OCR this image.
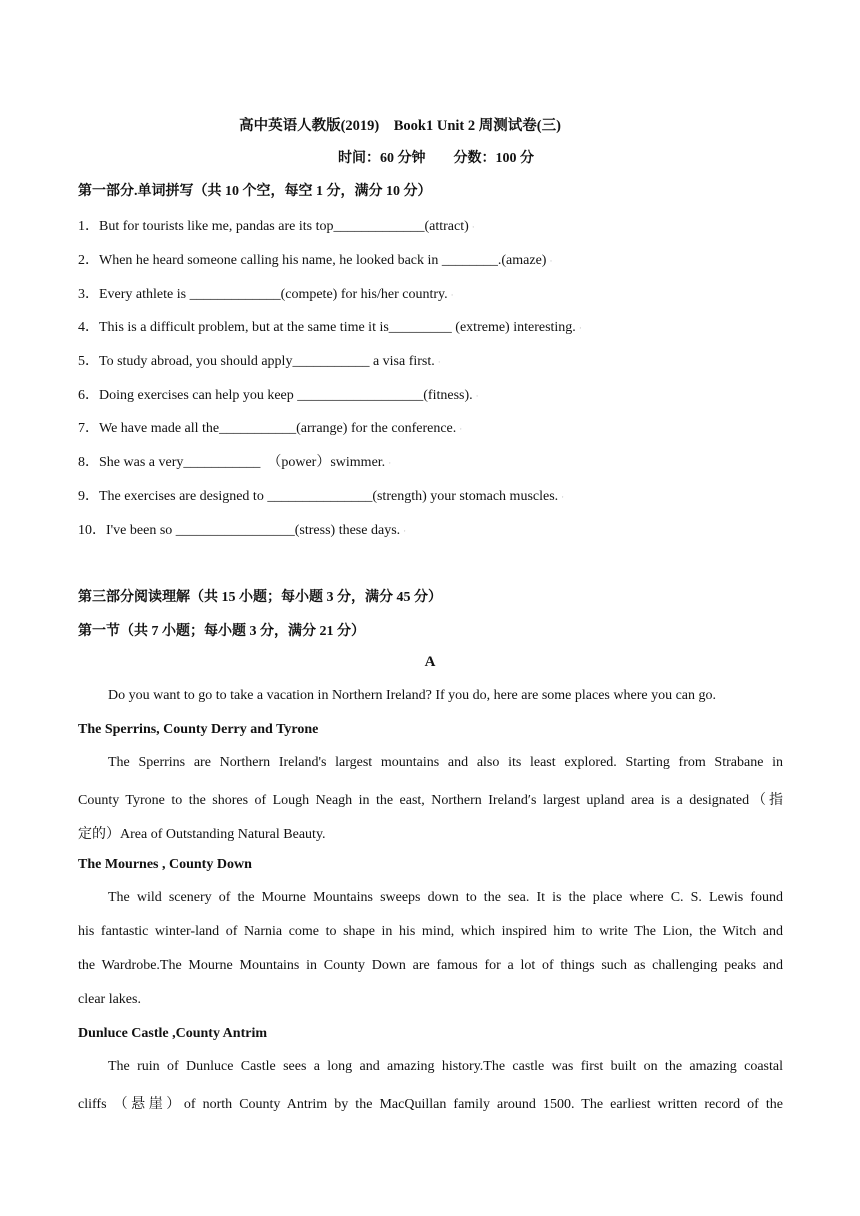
高中英语人教版(2019)　Book1 Unit 2 周测试卷(三)
时间：60 分钟　　分数：100 分
第一部分.单词拼写（共 10 个空，每空 1 分，满分 10 分）
1．But for tourists like me, pandas are its top_____________(attract) ·
2．When he heard someone calling his name, he looked back in ________.(amaze) ·
3．Every athlete is _____________(compete) for his/her country. ·
4．This is a difficult problem, but at the same time it is_________ (extreme) interesting. ·
5．To study abroad, you should apply___________ a visa first. ·
6．Doing exercises can help you keep __________________(fitness). ·
7．We have made all the___________(arrange) for the conference. ·
8．She was a very___________　（power）swimmer. ·
9．The exercises are designed to _______________(strength) your stomach muscles. ·
10．I've been so _________________(stress) these days. ·
第三部分阅读理解（共 15 小题；每小题 3 分，满分 45 分）
第一节（共 7 小题；每小题 3 分，满分 21 分）
A
Do you want to go to take a vacation in Northern Ireland? If you do, here are some places where you can go.
The Sperrins, County Derry and Tyrone
The Sperrins are Northern Ireland's largest mountains and also its least explored. Starting from Strabane in
County Tyrone to the shores of Lough Neagh in the east, Northern Ireland′s largest upland area is a designated（指
定的）Area of Outstanding Natural Beauty.
The Mournes , County Down
The wild scenery of the Mourne Mountains sweeps down to the sea. It is the place where C. S. Lewis found
his fantastic winter-land of Narnia come to shape in his mind, which inspired him to write The Lion, the Witch and
the Wardrobe.The Mourne Mountains in County Down are famous for a lot of things such as challenging peaks and
clear lakes.
Dunluce Castle ,County Antrim
The ruin of Dunluce Castle sees a long and amazing history.The castle was first built on the amazing coastal
cliffs （悬崖）of north County Antrim by the MacQuillan family around 1500. The earliest written record of the
